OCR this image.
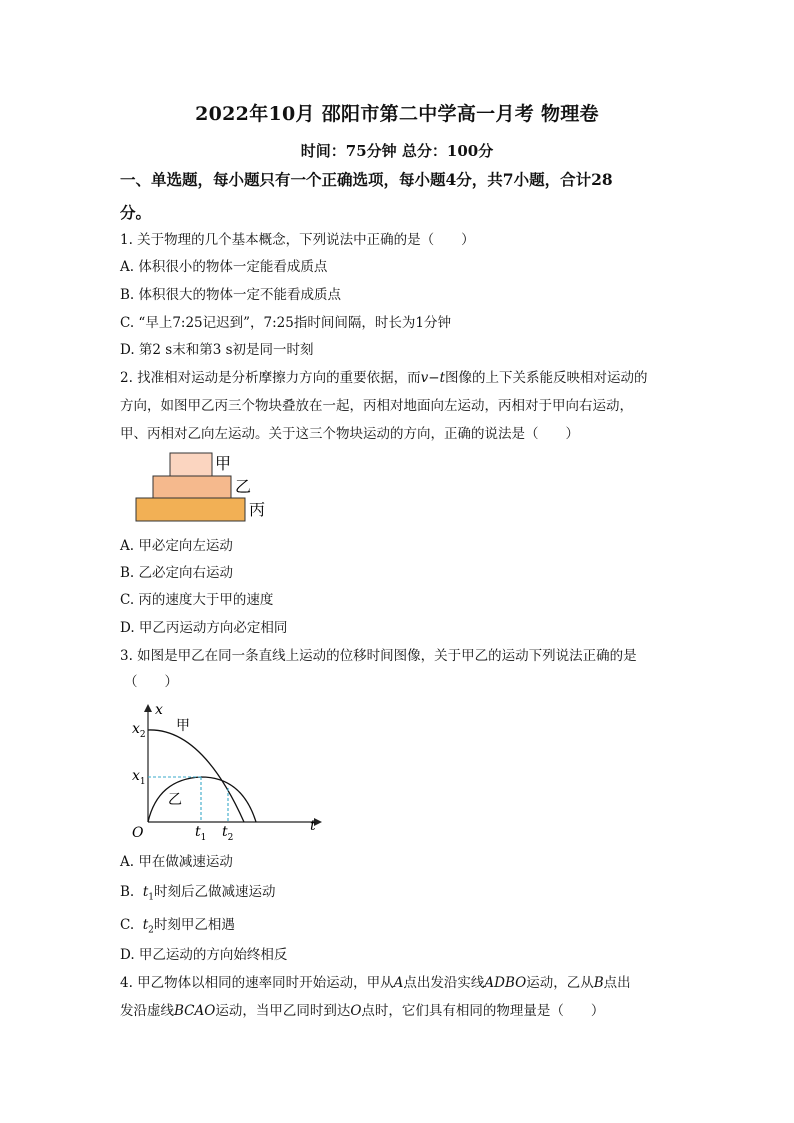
2022年10月 邵阳市第二中学高一月考 物理卷
时间：75分钟 总分：100分
一、单选题，每小题只有一个正确选项，每小题4分，共7小题，合计28
分。
1. 关于物理的几个基本概念，下列说法中正确的是（　　）
A. 体积很小的物体一定能看成质点
B. 体积很大的物体一定不能看成质点
C. “早上7:25记迟到”，7:25指时间间隔，时长为1分钟
D. 第2 s末和第3 s初是同一时刻
2. 找准相对运动是分析摩擦力方向的重要依据，而v−t图像的上下关系能反映相对运动的
方向，如图甲乙丙三个物块叠放在一起，丙相对地面向左运动，丙相对于甲向右运动，
甲、丙相对乙向左运动。关于这三个物块运动的方向，正确的说法是（　　）
甲
乙
丙
A. 甲必定向左运动
B. 乙必定向右运动
C. 丙的速度大于甲的速度
D. 甲乙丙运动方向必定相同
3. 如图是甲乙在同一条直线上运动的位移时间图像，关于甲乙的运动下列说法正确的是
（　　）
x
t
O
$x_2$
$x_1$
$t_1$ $t_2$
甲
乙
A. 甲在做减速运动
B. $t_1$时刻后乙做减速运动
C. $t_2$时刻甲乙相遇
D. 甲乙运动的方向始终相反
4. 甲乙物体以相同的速率同时开始运动，甲从A点出发沿实线ADBO运动，乙从B点出
发沿虚线BCAO运动，当甲乙同时到达O点时，它们具有相同的物理量是（　　）
